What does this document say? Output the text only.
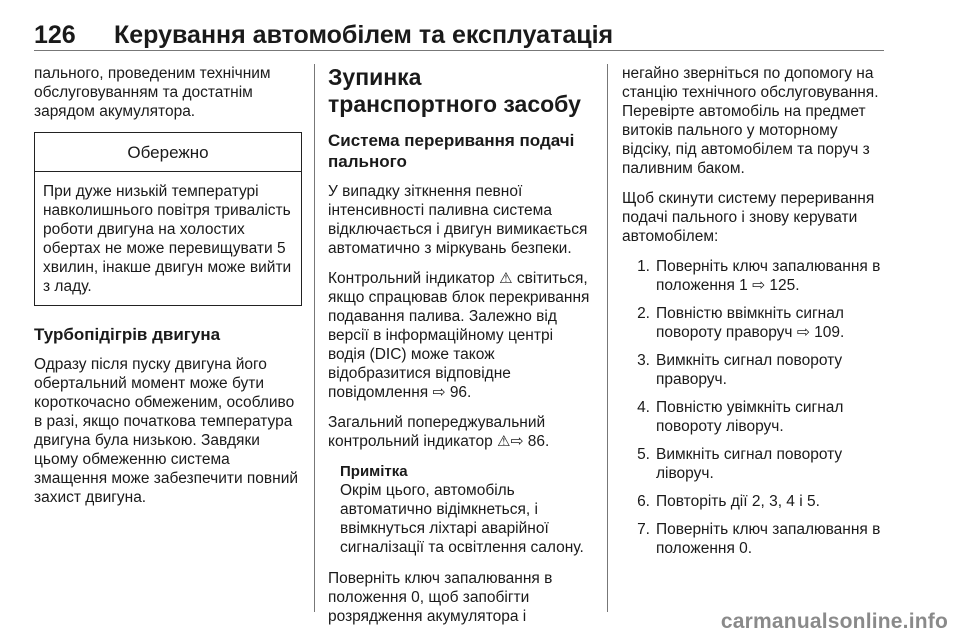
126 Керування автомобілем та експлуатація

пального, проведеним технічним обслуговуванням та достатнім зарядом акумулятора.

Обережно
При дуже низькій температурі навколишнього повітря тривалість роботи двигуна на холостих обертах не може перевищувати 5 хвилин, інакше двигун може вийти з ладу.
Турбопідігрів двигуна

Одразу після пуску двигуна його обертальний момент може бути короткочасно обмеженим, особливо в разі, якщо початкова температура двигуна була низькою. Завдяки цьому обмеженню система змащення може забезпечити повний захист двигуна.

Зупинка транспортного засобу
Система переривання подачі пального

У випадку зіткнення певної інтенсивності паливна система відключається і двигун вимикається автоматично з міркувань безпеки.

Контрольний індикатор ⚠ світиться, якщо спрацював блок перекривання подавання палива. Залежно від версії в інформаційному центрі водія (DIC) може також відобразитися відповідне повідомлення ⇨ 96.

Загальний попереджувальний контрольний індикатор ⚠⇨ 86.

Примітка
Окрім цього, автомобіль автоматично відімкнеться, і ввімкнуться ліхтарі аварійної сигналізації та освітлення салону.

Поверніть ключ запалювання в положення 0, щоб запобігти розрядження акумулятора і

негайно зверніться по допомогу на станцію технічного обслуговування. Перевірте автомобіль на предмет витоків пального у моторному відсіку, під автомобілем та поруч з паливним баком.

Щоб скинути систему переривання подачі пального і знову керувати автомобілем:

1. Поверніть ключ запалювання в положення 1 ⇨ 125.
2. Повністю ввімкніть сигнал повороту праворуч ⇨ 109.
3. Вимкніть сигнал повороту праворуч.
4. Повністю увімкніть сигнал повороту ліворуч.
5. Вимкніть сигнал повороту ліворуч.
6. Повторіть дії 2, 3, 4 і 5.
7. Поверніть ключ запалювання в положення 0.
carmanualsonline.info
